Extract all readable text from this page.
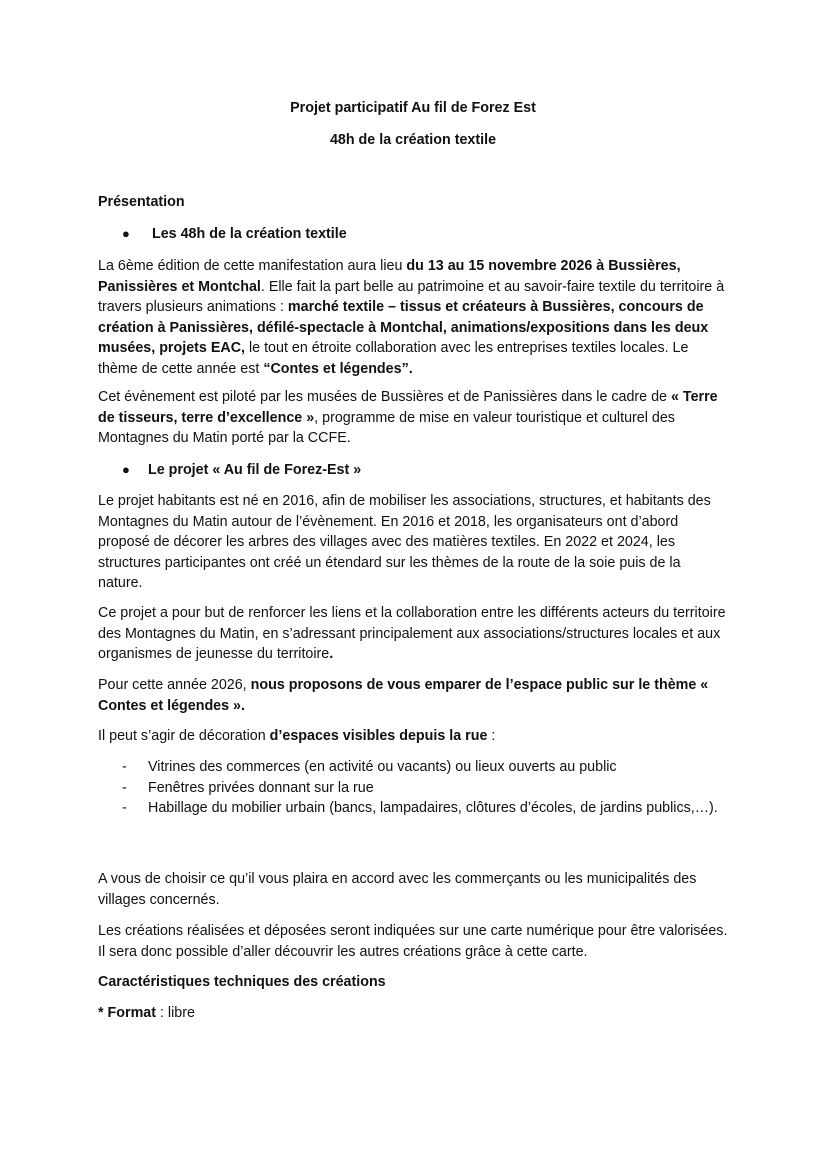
Projet participatif Au fil de Forez Est

48h de la création textile

Présentation

● Les 48h de la création textile

La 6ème édition de cette manifestation aura lieu du 13 au 15 novembre 2026 à Bussières, Panissières et Montchal. Elle fait la part belle au patrimoine et au savoir-faire textile du territoire à travers plusieurs animations : marché textile – tissus et créateurs à Bussières, concours de création à Panissières, défilé-spectacle à Montchal, animations/expositions dans les deux musées, projets EAC, le tout en étroite collaboration avec les entreprises textiles locales. Le thème de cette année est “Contes et légendes”.

Cet évènement est piloté par les musées de Bussières et de Panissières dans le cadre de « Terre de tisseurs, terre d’excellence », programme de mise en valeur touristique et culturel des Montagnes du Matin porté par la CCFE.

● Le projet « Au fil de Forez-Est »

Le projet habitants est né en 2016, afin de mobiliser les associations, structures, et habitants des Montagnes du Matin autour de l’évènement. En 2016 et 2018, les organisateurs ont d’abord proposé de décorer les arbres des villages avec des matières textiles. En 2022 et 2024, les structures participantes ont créé un étendard sur les thèmes de la route de la soie puis de la nature.

Ce projet a pour but de renforcer les liens et la collaboration entre les différents acteurs du territoire des Montagnes du Matin, en s’adressant principalement aux associations/structures locales et aux organismes de jeunesse du territoire.

Pour cette année 2026, nous proposons de vous emparer de l’espace public sur le thème « Contes et légendes ».

Il peut s’agir de décoration d’espaces visibles depuis la rue :

- Vitrines des commerces (en activité ou vacants) ou lieux ouverts au public
- Fenêtres privées donnant sur la rue
- Habillage du mobilier urbain (bancs, lampadaires, clôtures d’écoles, de jardins publics,…).

A vous de choisir ce qu’il vous plaira en accord avec les commerçants ou les municipalités des villages concernés.

Les créations réalisées et déposées seront indiquées sur une carte numérique pour être valorisées. Il sera donc possible d’aller découvrir les autres créations grâce à cette carte.

Caractéristiques techniques des créations

* Format : libre
